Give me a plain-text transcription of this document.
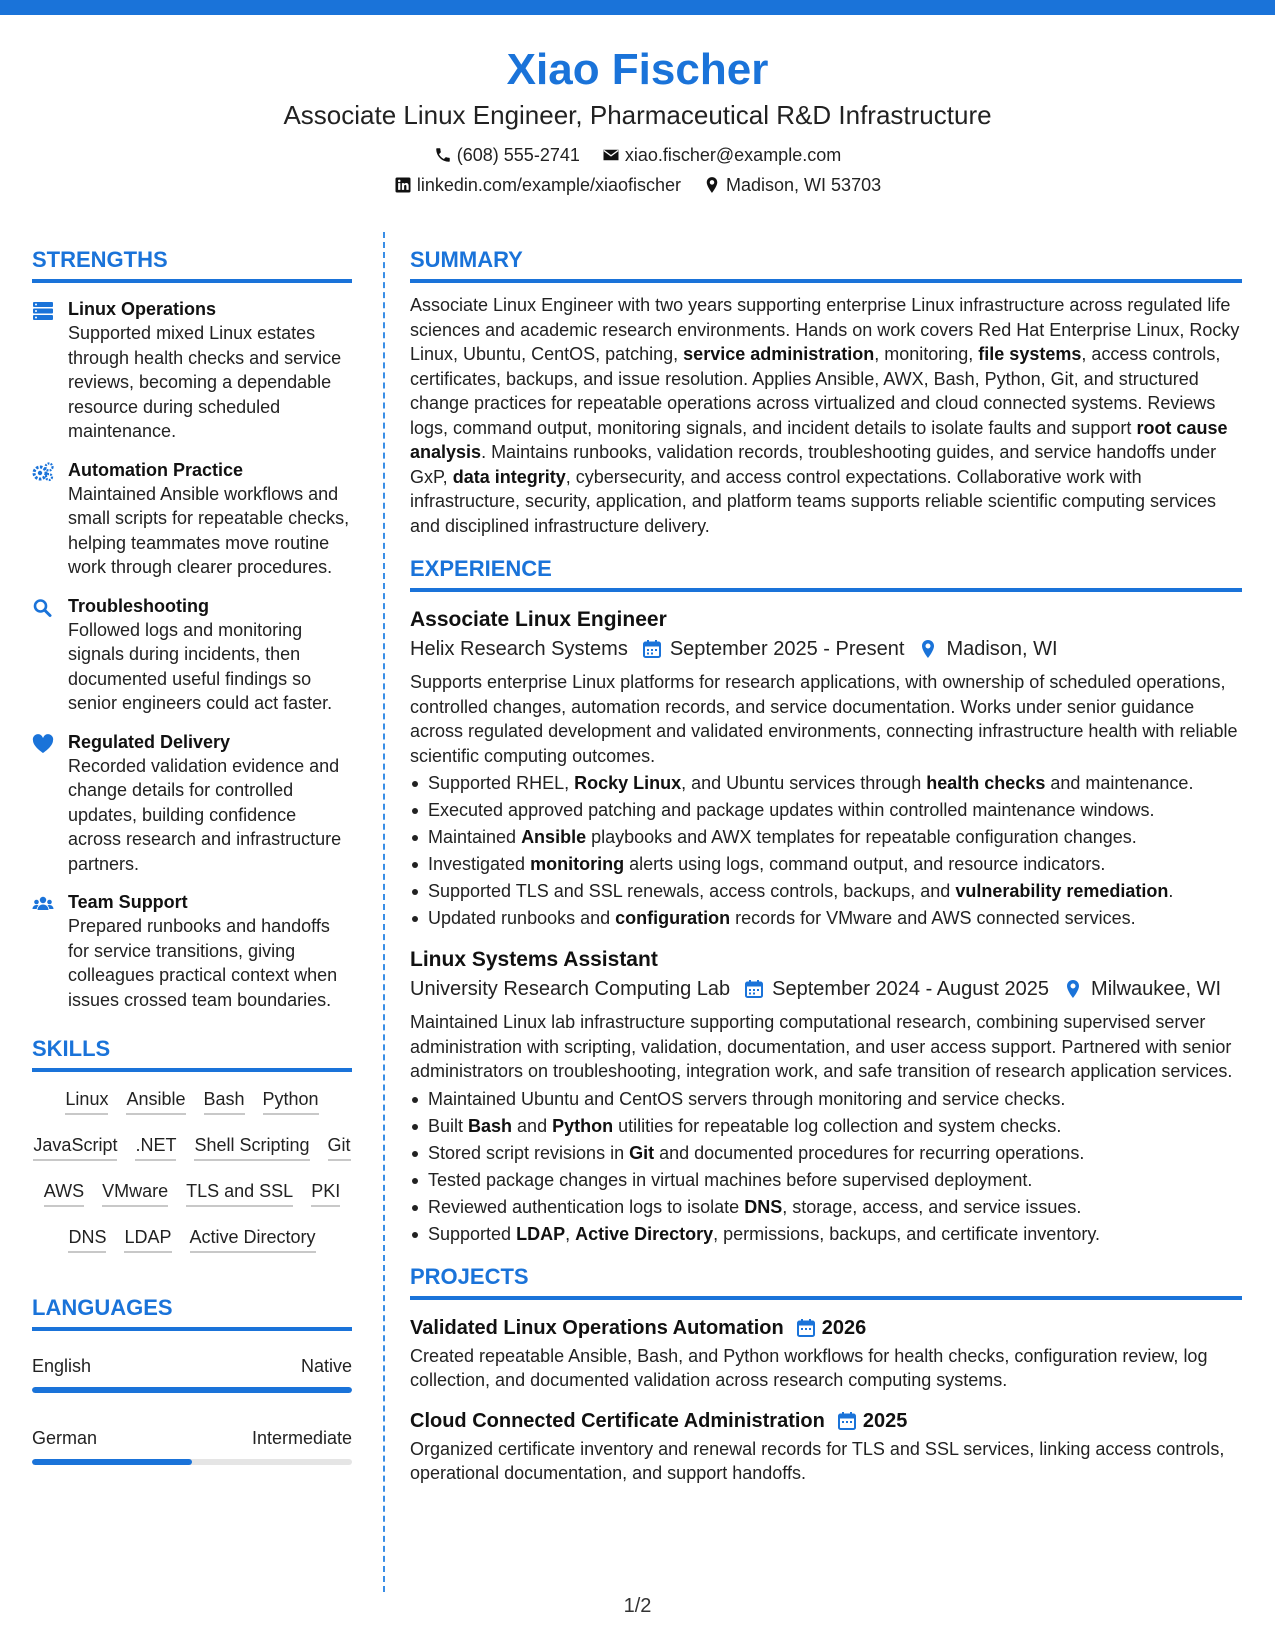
Xiao Fischer
Associate Linux Engineer, Pharmaceutical R&D Infrastructure
(608) 555-2741	xiao.fischer@example.com
linkedin.com/example/xiaofischer	Madison, WI 53703
STRENGTHS
Linux Operations
Supported mixed Linux estates through health checks and service reviews, becoming a dependable resource during scheduled maintenance.
Automation Practice
Maintained Ansible workflows and small scripts for repeatable checks, helping teammates move routine work through clearer procedures.
Troubleshooting
Followed logs and monitoring signals during incidents, then documented useful findings so senior engineers could act faster.
Regulated Delivery
Recorded validation evidence and change details for controlled updates, building confidence across research and infrastructure partners.
Team Support
Prepared runbooks and handoffs for service transitions, giving colleagues practical context when issues crossed team boundaries.
SKILLS
Linux Ansible Bash Python
JavaScript .NET Shell Scripting Git
AWS VMware TLS and SSL PKI
DNS LDAP Active Directory
LANGUAGES
English	Native
German	Intermediate
SUMMARY
Associate Linux Engineer with two years supporting enterprise Linux infrastructure across regulated life sciences and academic research environments. Hands on work covers Red Hat Enterprise Linux, Rocky Linux, Ubuntu, CentOS, patching, service administration, monitoring, file systems, access controls, certificates, backups, and issue resolution. Applies Ansible, AWX, Bash, Python, Git, and structured change practices for repeatable operations across virtualized and cloud connected systems. Reviews logs, command output, monitoring signals, and incident details to isolate faults and support root cause analysis. Maintains runbooks, validation records, troubleshooting guides, and service handoffs under GxP, data integrity, cybersecurity, and access control expectations. Collaborative work with infrastructure, security, application, and platform teams supports reliable scientific computing services and disciplined infrastructure delivery.
EXPERIENCE
Associate Linux Engineer
Helix Research Systems September 2025 - Present Madison, WI
Supports enterprise Linux platforms for research applications, with ownership of scheduled operations, controlled changes, automation records, and service documentation. Works under senior guidance across regulated development and validated environments, connecting infrastructure health with reliable scientific computing outcomes.
Supported RHEL, Rocky Linux, and Ubuntu services through health checks and maintenance.
Executed approved patching and package updates within controlled maintenance windows.
Maintained Ansible playbooks and AWX templates for repeatable configuration changes.
Investigated monitoring alerts using logs, command output, and resource indicators.
Supported TLS and SSL renewals, access controls, backups, and vulnerability remediation.
Updated runbooks and configuration records for VMware and AWS connected services.
Linux Systems Assistant
University Research Computing Lab September 2024 - August 2025 Milwaukee, WI
Maintained Linux lab infrastructure supporting computational research, combining supervised server administration with scripting, validation, documentation, and user access support. Partnered with senior administrators on troubleshooting, integration work, and safe transition of research application services.
Maintained Ubuntu and CentOS servers through monitoring and service checks.
Built Bash and Python utilities for repeatable log collection and system checks.
Stored script revisions in Git and documented procedures for recurring operations.
Tested package changes in virtual machines before supervised deployment.
Reviewed authentication logs to isolate DNS, storage, access, and service issues.
Supported LDAP, Active Directory, permissions, backups, and certificate inventory.
PROJECTS
Validated Linux Operations Automation 2026
Created repeatable Ansible, Bash, and Python workflows for health checks, configuration review, log collection, and documented validation across research computing systems.
Cloud Connected Certificate Administration 2025
Organized certificate inventory and renewal records for TLS and SSL services, linking access controls, operational documentation, and support handoffs.
1/2
